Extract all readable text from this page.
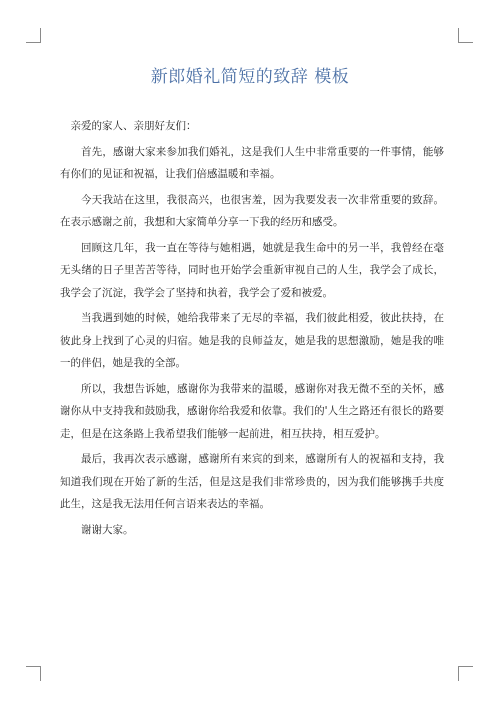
新郎婚礼简短的致辞 模板

亲爱的家人、亲朋好友们：

首先，感谢大家来参加我们婚礼，这是我们人生中非常重要的一件事情，能够有你们的见证和祝福，让我们倍感温暖和幸福。

今天我站在这里，我很高兴，也很害羞，因为我要发表一次非常重要的致辞。在表示感谢之前，我想和大家简单分享一下我的经历和感受。

回顾这几年，我一直在等待与她相遇，她就是我生命中的另一半，我曾经在毫无头绪的日子里苦苦等待，同时也开始学会重新审视自己的人生，我学会了成长，我学会了沉淀，我学会了坚持和执着，我学会了爱和被爱。

当我遇到她的时候，她给我带来了无尽的幸福，我们彼此相爱，彼此扶持，在彼此身上找到了心灵的归宿。她是我的良师益友，她是我的思想激励，她是我的唯一的伴侣，她是我的全部。

所以，我想告诉她，感谢你为我带来的温暖，感谢你对我无微不至的关怀，感谢你从中支持我和鼓励我，感谢你给我爱和依靠。我们的'人生之路还有很长的路要走，但是在这条路上我希望我们能够一起前进，相互扶持，相互爱护。

最后，我再次表示感谢，感谢所有来宾的到来，感谢所有人的祝福和支持，我知道我们现在开始了新的生活，但是这是我们非常珍贵的，因为我们能够携手共度此生，这是我无法用任何言语来表达的幸福。

谢谢大家。
